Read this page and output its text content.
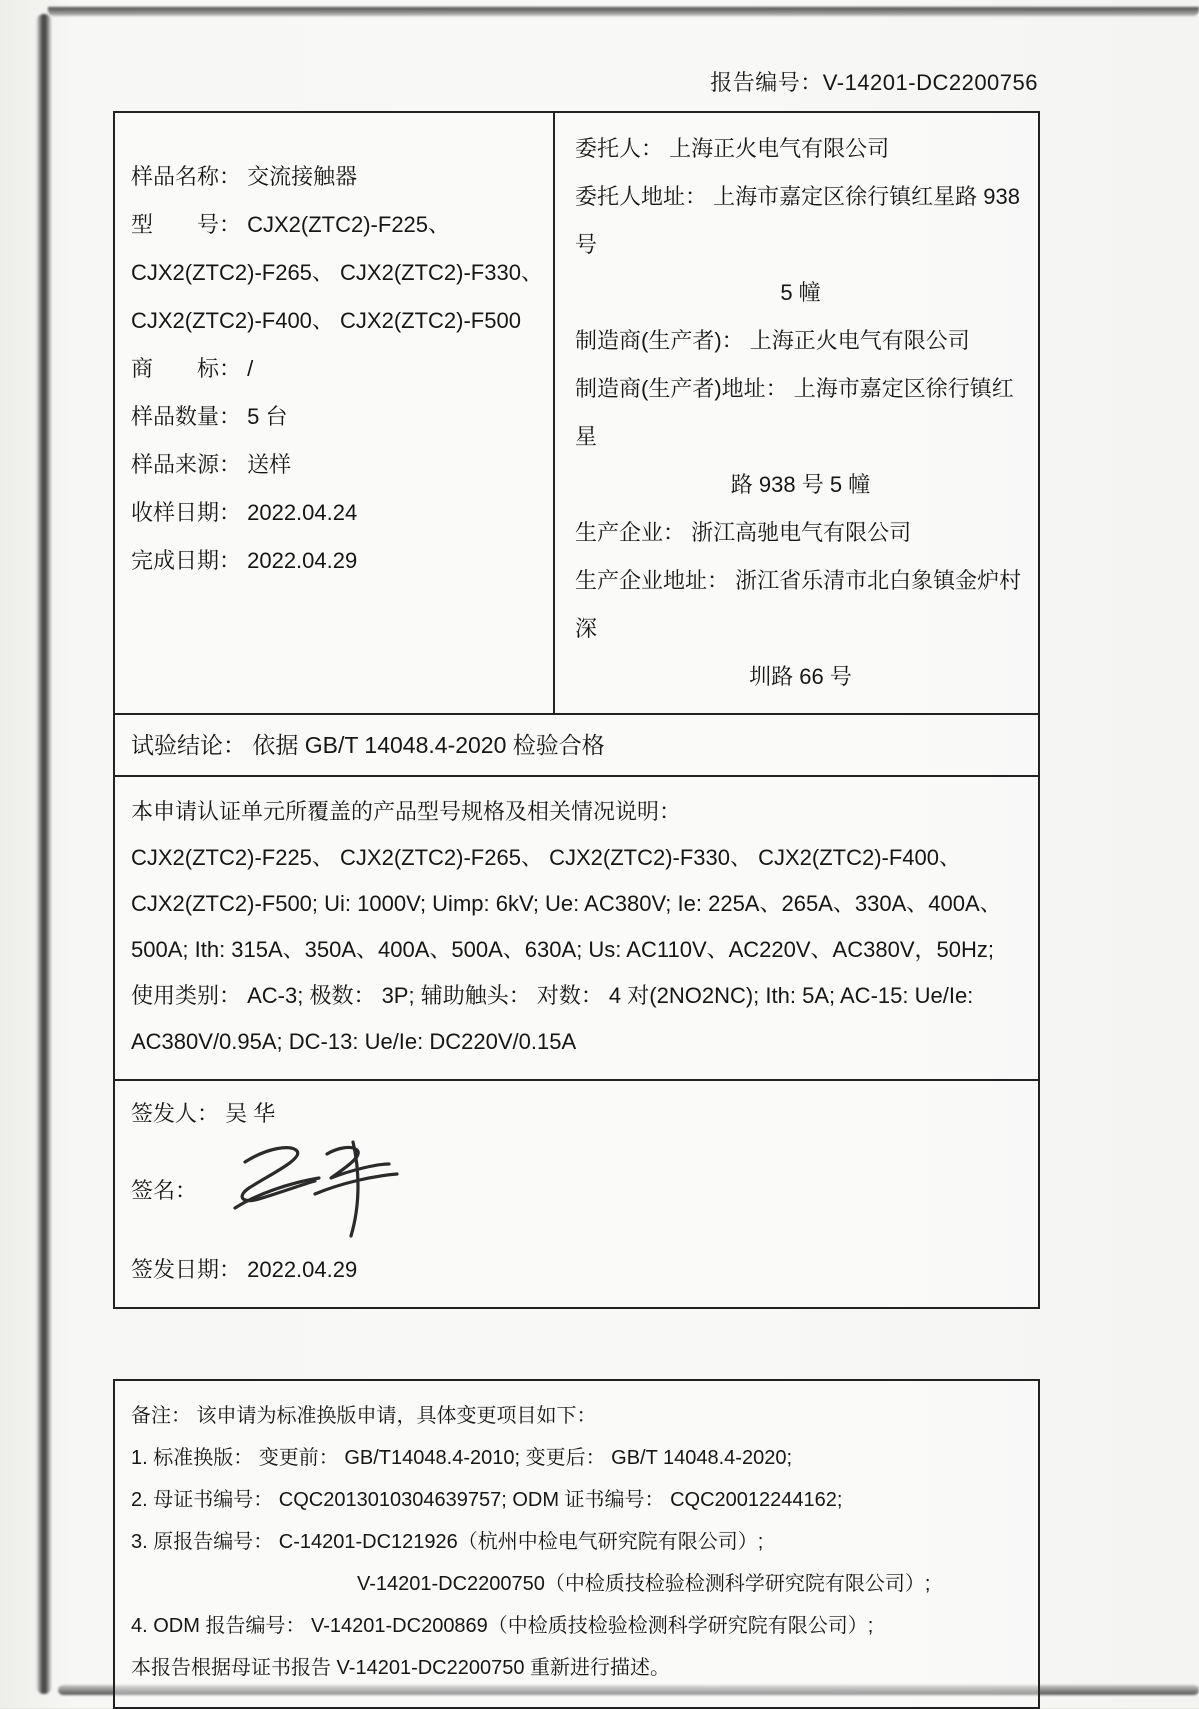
报告编号：V-14201-DC2200756
样品名称： 交流接触器
型　　号： CJX2(ZTC2)-F225、
CJX2(ZTC2)-F265、 CJX2(ZTC2)-F330、
CJX2(ZTC2)-F400、 CJX2(ZTC2)-F500
商　　标： /
样品数量： 5 台
样品来源： 送样
收样日期： 2022.04.24
完成日期： 2022.04.29
委托人： 上海正火电气有限公司
委托人地址： 上海市嘉定区徐行镇红星路 938 号
5 幢
制造商(生产者)： 上海正火电气有限公司
制造商(生产者)地址： 上海市嘉定区徐行镇红星
路 938 号 5 幢
生产企业： 浙江高驰电气有限公司
生产企业地址： 浙江省乐清市北白象镇金炉村深
圳路 66 号
试验结论： 依据 GB/T 14048.4-2020 检验合格
本申请认证单元所覆盖的产品型号规格及相关情况说明：
CJX2(ZTC2)-F225、 CJX2(ZTC2)-F265、 CJX2(ZTC2)-F330、 CJX2(ZTC2)-F400、
CJX2(ZTC2)-F500; Ui: 1000V; Uimp: 6kV; Ue: AC380V; Ie: 225A、265A、330A、400A、
500A; Ith: 315A、350A、400A、500A、630A; Us: AC110V、AC220V、AC380V，50Hz;
使用类别： AC-3; 极数： 3P; 辅助触头： 对数： 4 对(2NO2NC); Ith: 5A; AC-15: Ue/Ie:
AC380V/0.95A; DC-13: Ue/Ie: DC220V/0.15A
签发人： 吴 华
签名：
签发日期： 2022.04.29
备注： 该申请为标准换版申请，具体变更项目如下：
1. 标准换版： 变更前： GB/T14048.4-2010; 变更后： GB/T 14048.4-2020;
2. 母证书编号： CQC2013010304639757; ODM 证书编号： CQC20012244162;
3. 原报告编号： C-14201-DC121926（杭州中检电气研究院有限公司）;
V-14201-DC2200750（中检质技检验检测科学研究院有限公司）;
4. ODM 报告编号： V-14201-DC200869（中检质技检验检测科学研究院有限公司）;
本报告根据母证书报告 V-14201-DC2200750 重新进行描述。
